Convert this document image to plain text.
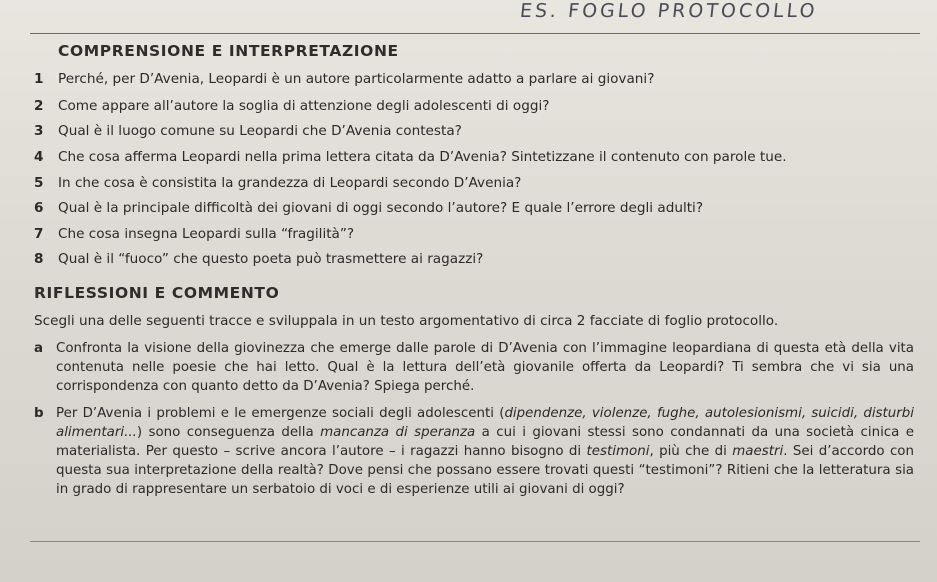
ES. FOGLO PROTOCOLLO
COMPRENSIONE E INTERPRETAZIONE
1 Perché, per D’Avenia, Leopardi è un autore particolarmente adatto a parlare ai giovani?
2 Come appare all’autore la soglia di attenzione degli adolescenti di oggi?
3 Qual è il luogo comune su Leopardi che D’Avenia contesta?
4 Che cosa afferma Leopardi nella prima lettera citata da D’Avenia? Sintetizzane il contenuto con parole tue.
5 In che cosa è consistita la grandezza di Leopardi secondo D’Avenia?
6 Qual è la principale difficoltà dei giovani di oggi secondo l’autore? E quale l’errore degli adulti?
7 Che cosa insegna Leopardi sulla “fragilità”?
8 Qual è il “fuoco” che questo poeta può trasmettere ai ragazzi?
RIFLESSIONI E COMMENTO
Scegli una delle seguenti tracce e sviluppala in un testo argomentativo di circa 2 facciate di foglio protocollo.
a Confronta la visione della giovinezza che emerge dalle parole di D’Avenia con l’immagine leopardiana di questa età della vita contenuta nelle poesie che hai letto. Qual è la lettura dell’età giovanile offerta da Leopardi? Ti sembra che vi sia una corrispondenza con quanto detto da D’Avenia? Spiega perché.
b Per D’Avenia i problemi e le emergenze sociali degli adolescenti (dipendenze, violenze, fughe, autolesionismi, suicidi, disturbi alimentari...) sono conseguenza della mancanza di speranza a cui i giovani stessi sono condannati da una società cinica e materialista. Per questo – scrive ancora l’autore – i ragazzi hanno bisogno di testimoni, più che di maestri. Sei d’accordo con questa sua interpretazione della realtà? Dove pensi che possano essere trovati questi “testimoni”? Ritieni che la letteratura sia in grado di rappresentare un serbatoio di voci e di esperienze utili ai giovani di oggi?
